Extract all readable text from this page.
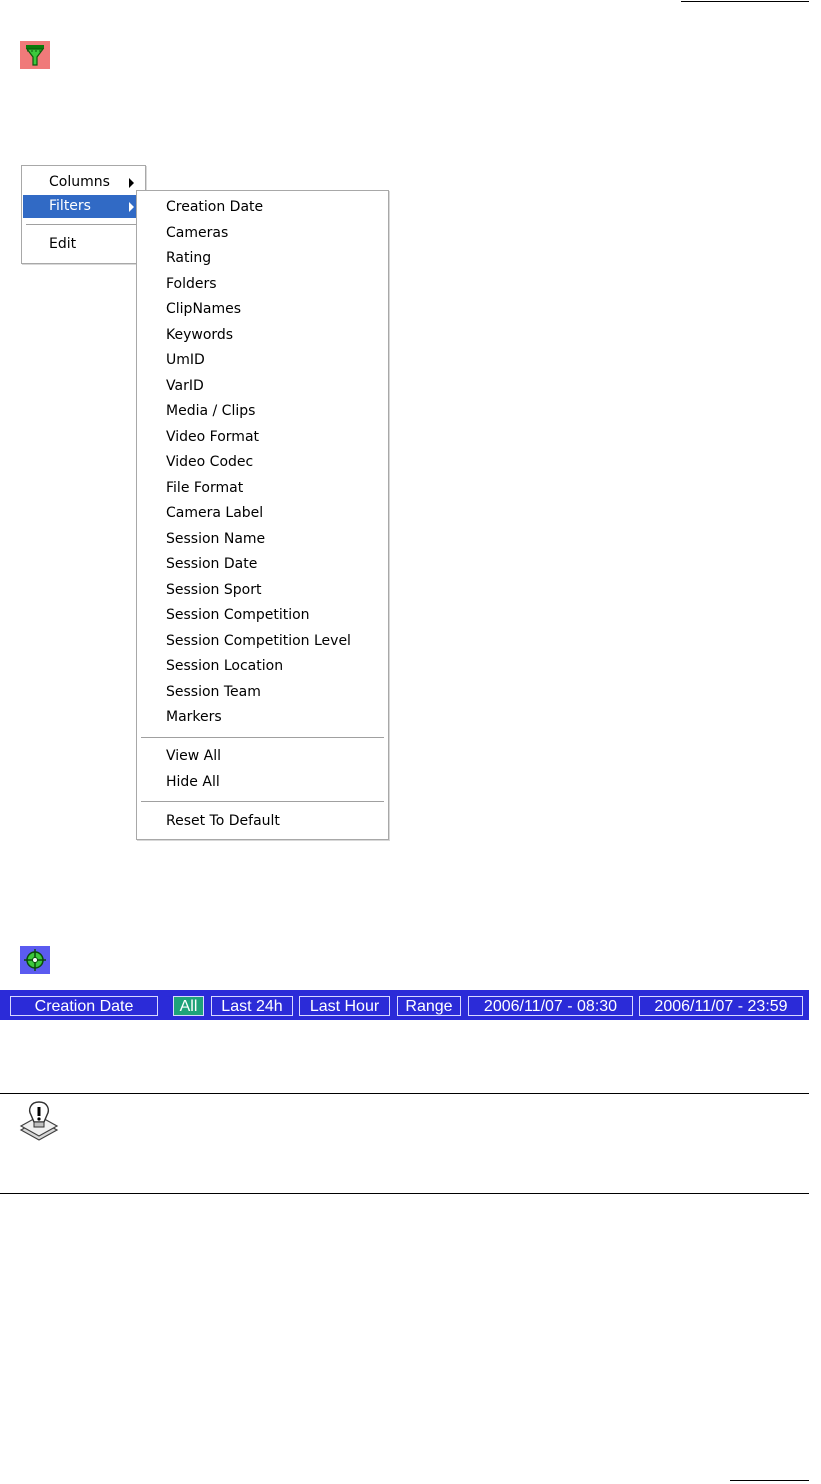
Columns
Filters
Edit
Creation Date
Cameras
Rating
Folders
ClipNames
Keywords
UmID
VarID
Media / Clips
Video Format
Video Codec
File Format
Camera Label
Session Name
Session Date
Session Sport
Session Competition
Session Competition Level
Session Location
Session Team
Markers
View All
Hide All
Reset To Default
Creation Date	All	Last 24h	Last Hour	Range	2006/11/07 - 08:30	2006/11/07 - 23:59
